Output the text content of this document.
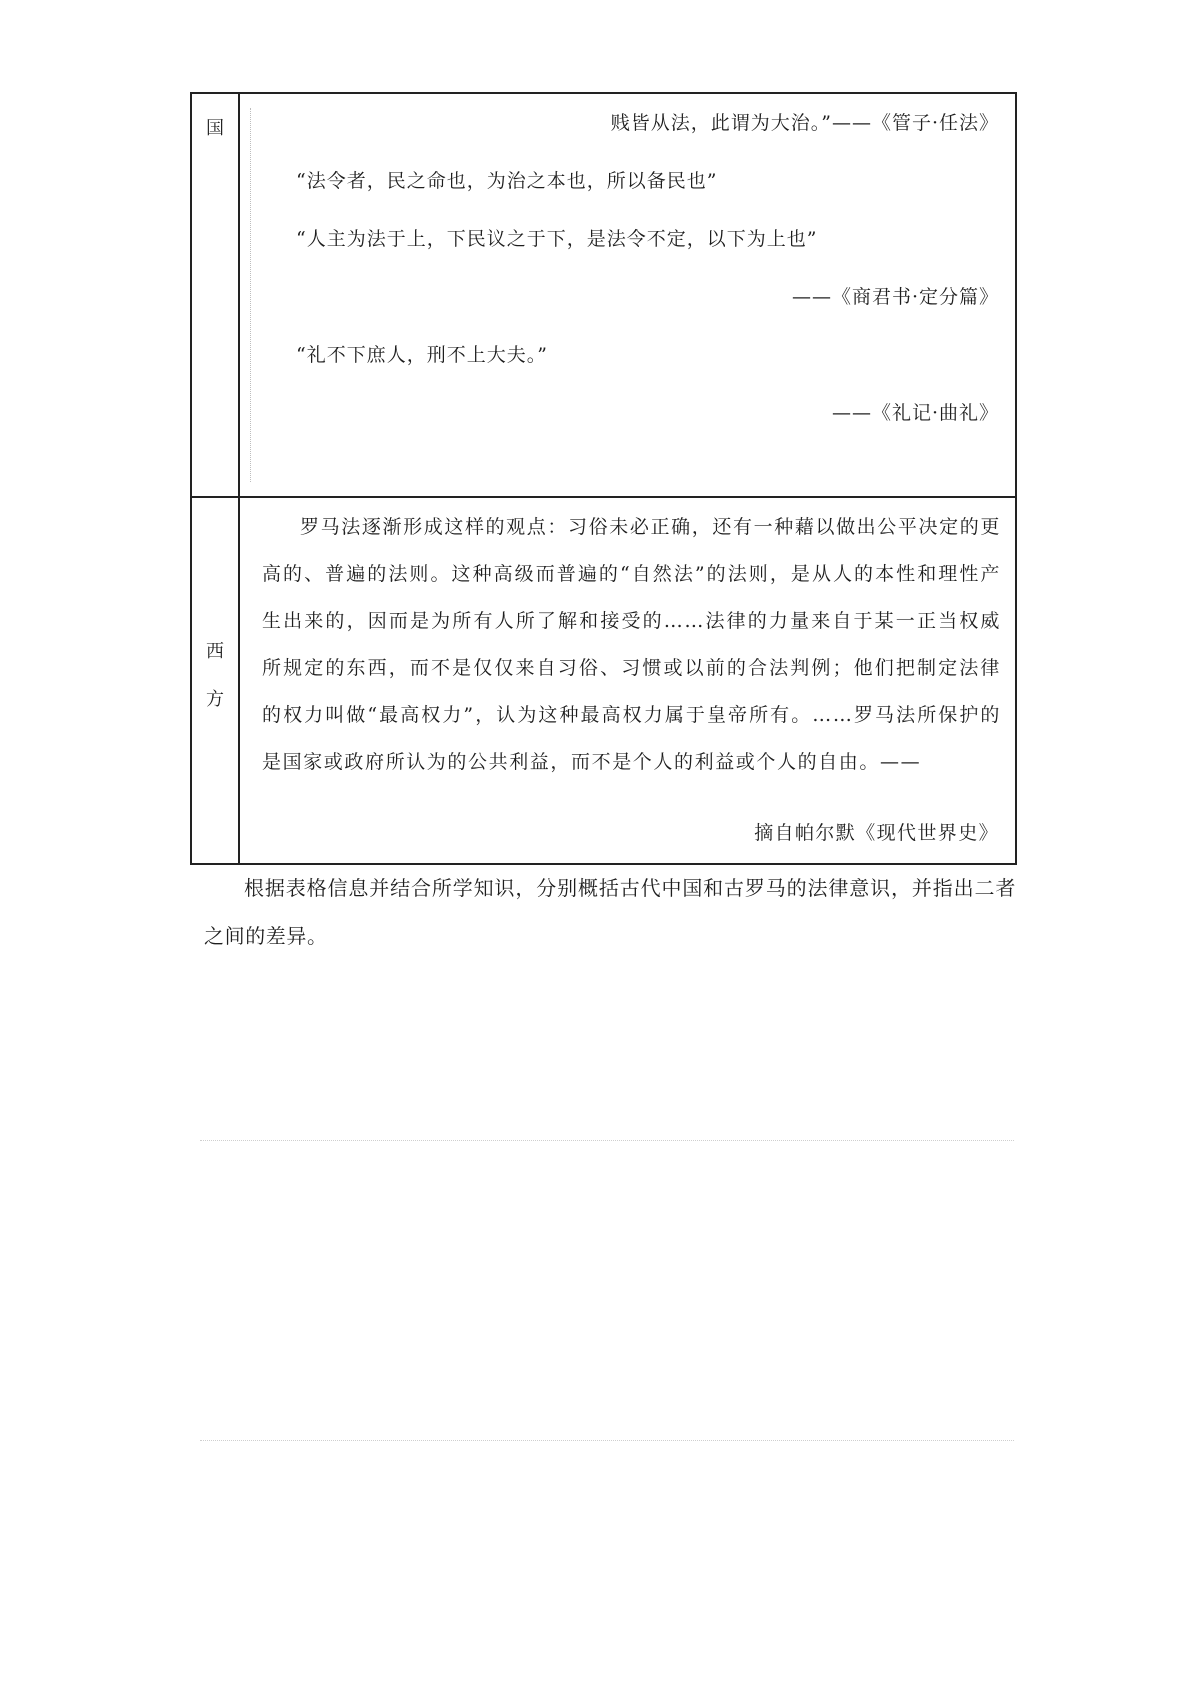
国	贱皆从法，此谓为大治。”——《管子·任法》
“法令者，民之命也，为治之本也，所以备民也”
“人主为法于上，下民议之于下，是法令不定，以下为上也”
——《商君书·定分篇》
“礼不下庶人，刑不上大夫。”
——《礼记·曲礼》
西
方
罗马法逐渐形成这样的观点：习俗未必正确，还有一种藉以做出公平决定的更高的、普遍的法则。这种高级而普遍的“自然法”的法则，是从人的本性和理性产生出来的，因而是为所有人所了解和接受的……法律的力量来自于某一正当权威所规定的东西，而不是仅仅来自习俗、习惯或以前的合法判例；他们把制定法律的权力叫做“最高权力”，认为这种最高权力属于皇帝所有。……罗马法所保护的是国家或政府所认为的公共利益，而不是个人的利益或个人的自由。——
摘自帕尔默《现代世界史》
根据表格信息并结合所学知识，分别概括古代中国和古罗马的法律意识，并指出二者之间的差异。
